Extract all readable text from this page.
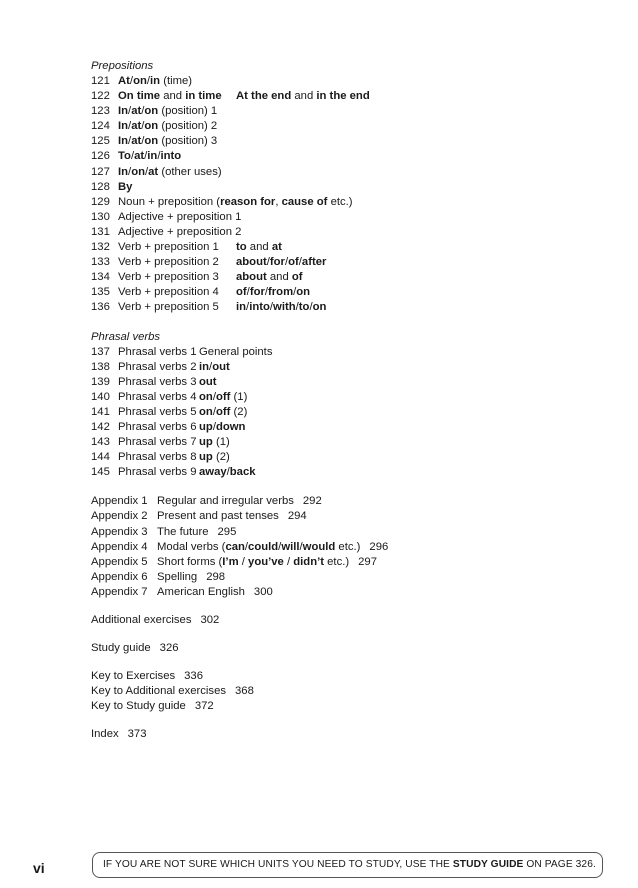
Prepositions
121 At/on/in (time)
122 On time and in time	At the end and in the end
123 In/at/on (position) 1
124 In/at/on (position) 2
125 In/at/on (position) 3
126 To/at/in/into
127 In/on/at (other uses)
128 By
129 Noun + preposition (reason for, cause of etc.)
130 Adjective + preposition 1
131 Adjective + preposition 2
132 Verb + preposition 1	to and at
133 Verb + preposition 2	about/for/of/after
134 Verb + preposition 3	about and of
135 Verb + preposition 4	of/for/from/on
136 Verb + preposition 5	in/into/with/to/on
Phrasal verbs
137 Phrasal verbs 1 General points
138 Phrasal verbs 2 in/out
139 Phrasal verbs 3 out
140 Phrasal verbs 4 on/off (1)
141 Phrasal verbs 5 on/off (2)
142 Phrasal verbs 6 up/down
143 Phrasal verbs 7 up (1)
144 Phrasal verbs 8 up (2)
145 Phrasal verbs 9 away/back
Appendix 1 Regular and irregular verbs 292
Appendix 2 Present and past tenses 294
Appendix 3 The future 295
Appendix 4 Modal verbs (can/could/will/would etc.) 296
Appendix 5 Short forms (I’m / you’ve / didn’t etc.) 297
Appendix 6 Spelling 298
Appendix 7 American English 300
Additional exercises 302
Study guide 326
Key to Exercises 336
Key to Additional exercises 368
Key to Study guide 372
Index 373
vi	IF YOU ARE NOT SURE WHICH UNITS YOU NEED TO STUDY, USE THE STUDY GUIDE ON PAGE 326.
